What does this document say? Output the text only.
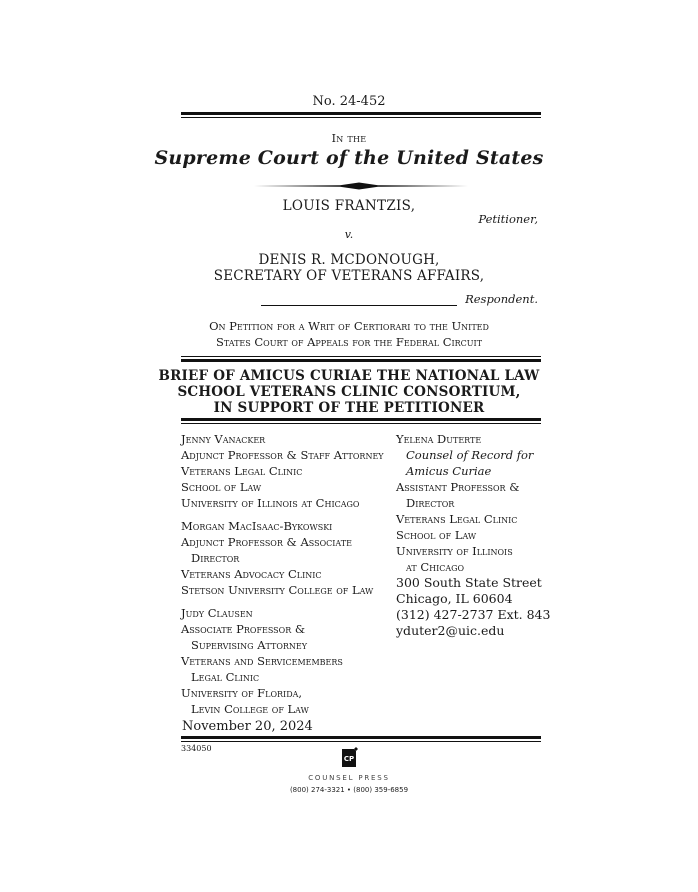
No. 24-452
In the
Supreme Court of the United States
LOUIS FRANTZIS,
Petitioner,
v.
DENIS R. MCDONOUGH,
SECRETARY OF VETERANS AFFAIRS,
Respondent.
On Petition for a Writ of Certiorari to the United
States Court of Appeals for the Federal Circuit
BRIEF OF AMICUS CURIAE THE NATIONAL LAW
SCHOOL VETERANS CLINIC CONSORTIUM,
IN SUPPORT OF THE PETITIONER
Jenny Vanacker
Adjunct Professor & Staff Attorney
Veterans Legal Clinic
School of Law
University of Illinois at Chicago
Morgan MacIsaac-Bykowski
Adjunct Professor & Associate
Director
Veterans Advocacy Clinic
Stetson University College of Law
Judy Clausen
Associate Professor &
Supervising Attorney
Veterans and Servicemembers
Legal Clinic
University of Florida,
Levin College of Law
Yelena Duterte
Counsel of Record for
Amicus Curiae
Assistant Professor &
Director
Veterans Legal Clinic
School of Law
University of Illinois
at Chicago
300 South State Street
Chicago, IL 60604
(312) 427-2737 Ext. 843
yduter2@uic.edu
November 20, 2024
334050
CP
COUNSEL PRESS
(800) 274-3321 • (800) 359-6859
